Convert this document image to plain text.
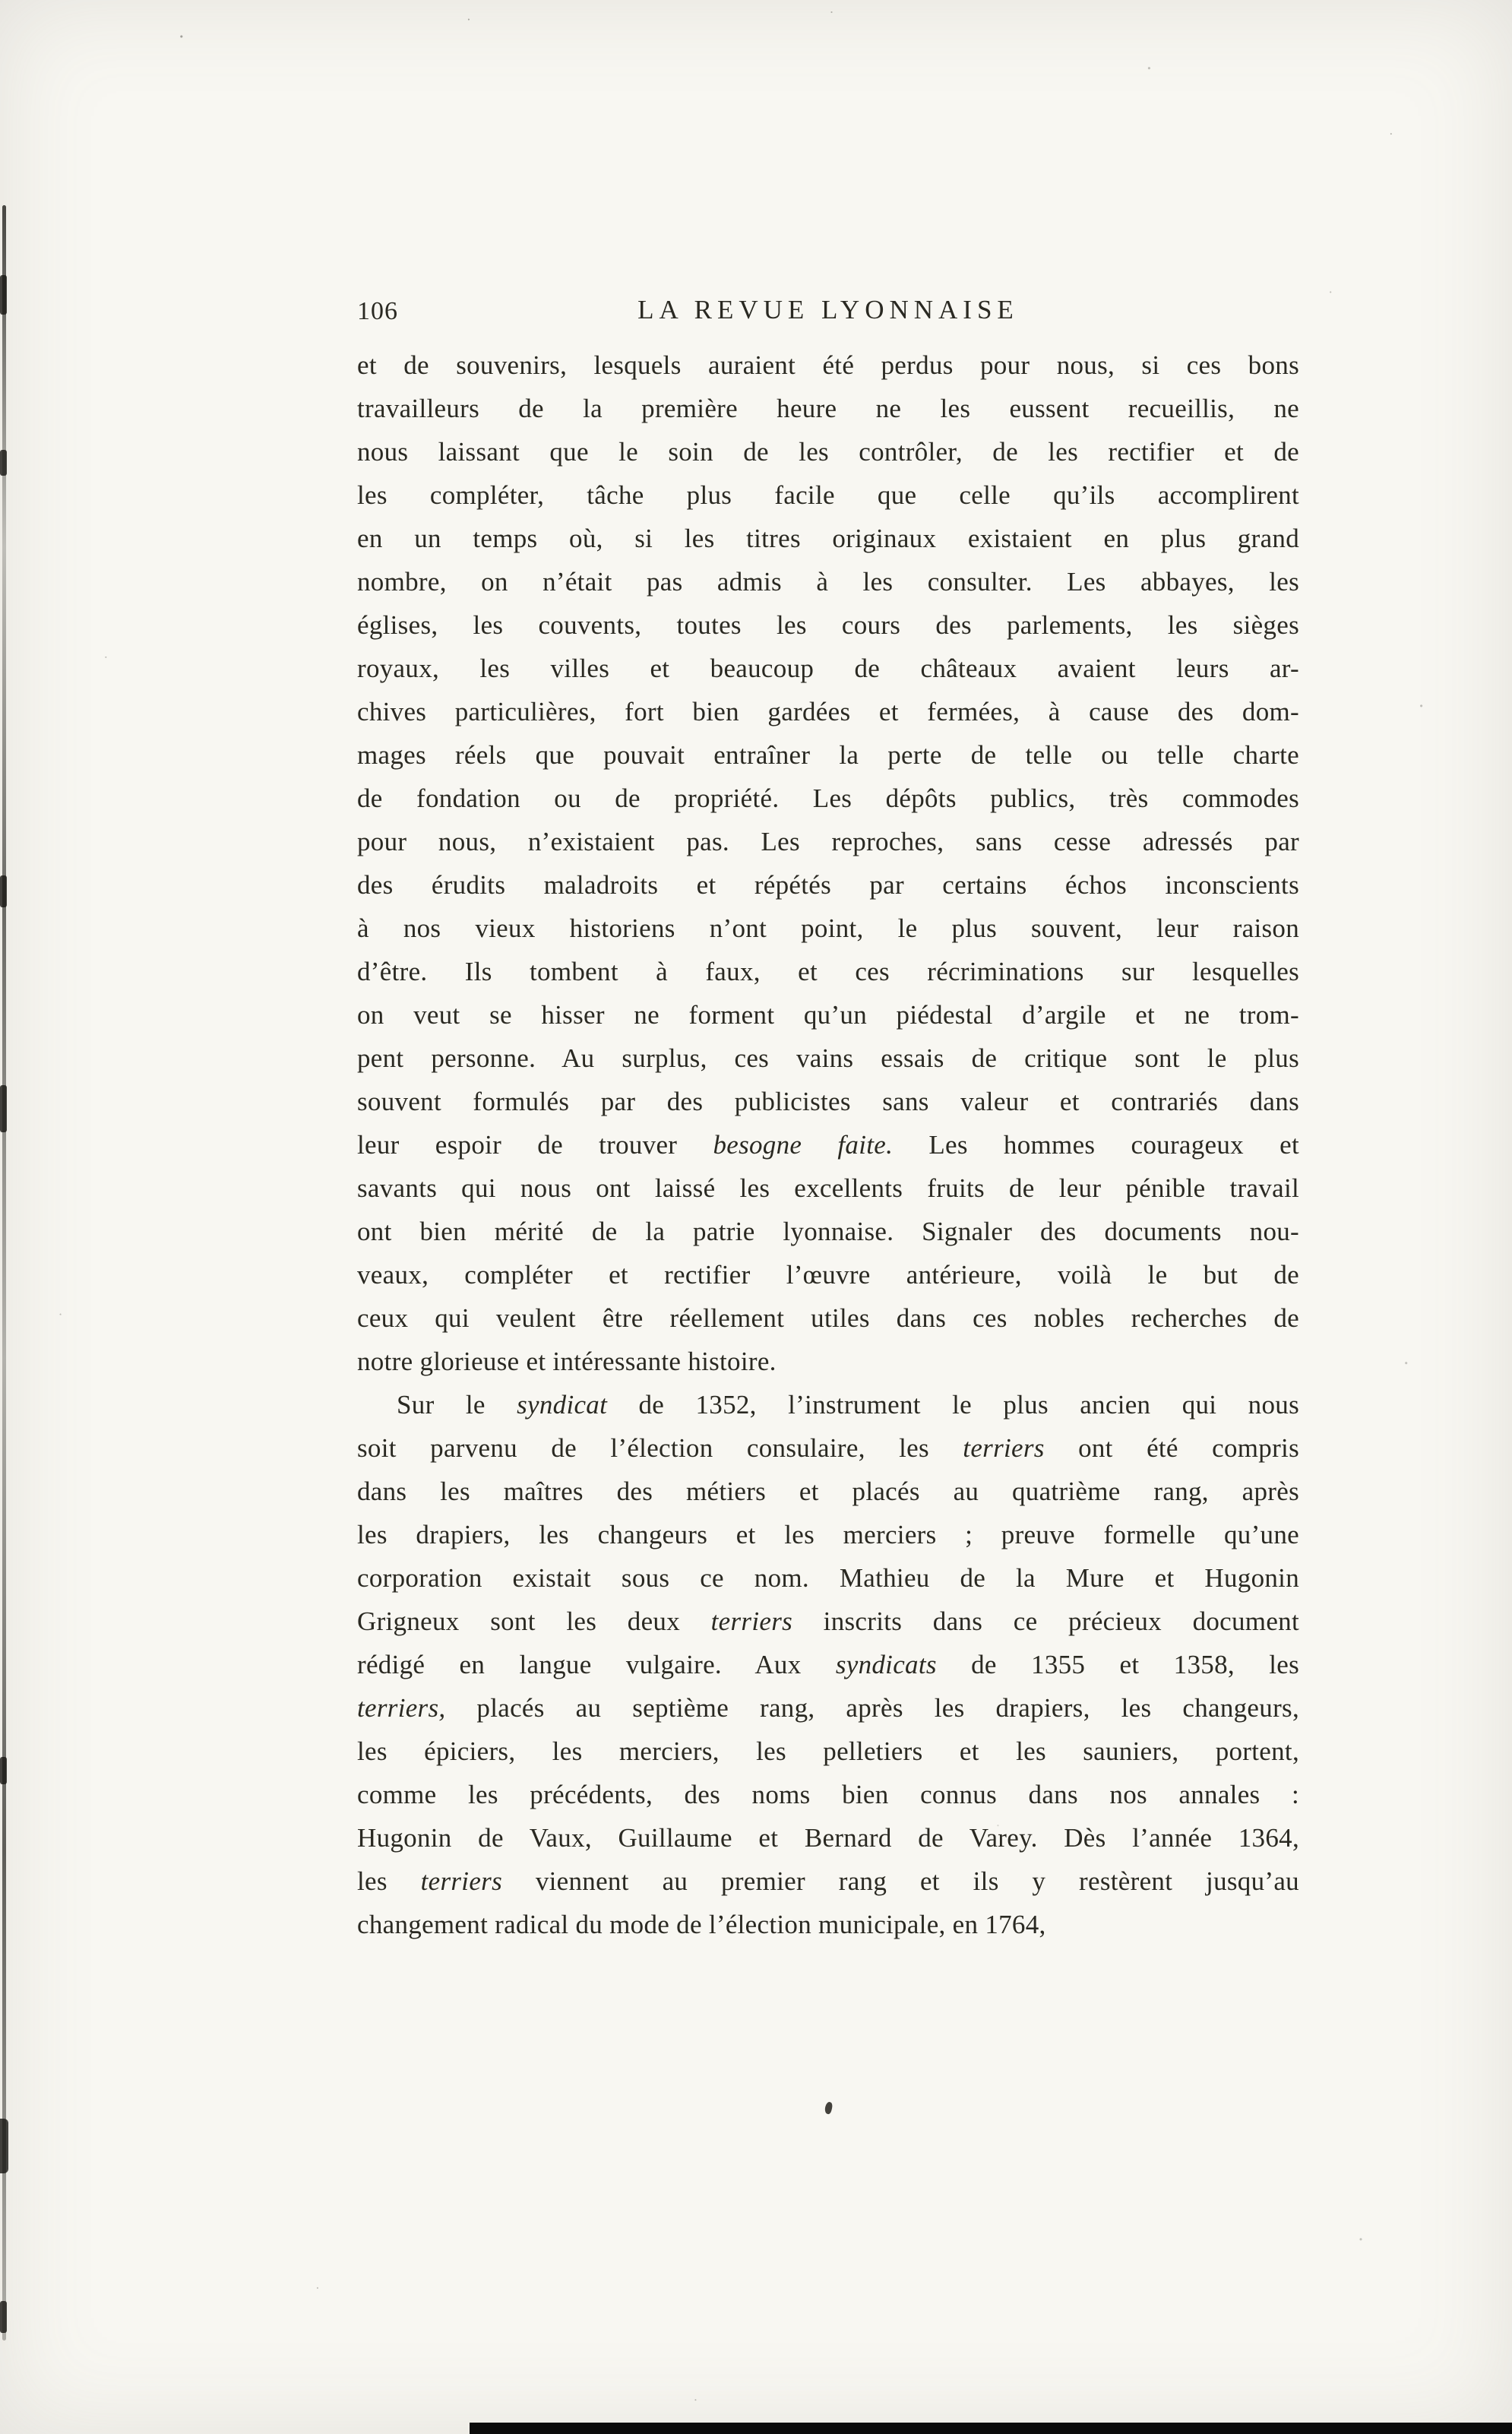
106	LA REVUE LYONNAISE
et de souvenirs, lesquels auraient été perdus pour nous, si ces bons
travailleurs de la première heure ne les eussent recueillis, ne
nous laissant que le soin de les contrôler, de les rectifier et de
les compléter, tâche plus facile que celle qu’ils accomplirent
en un temps où, si les titres originaux existaient en plus grand
nombre, on n’était pas admis à les consulter. Les abbayes, les
églises, les couvents, toutes les cours des parlements, les sièges
royaux, les villes et beaucoup de châteaux avaient leurs ar-
chives particulières, fort bien gardées et fermées, à cause des dom-
mages réels que pouvait entraîner la perte de telle ou telle charte
de fondation ou de propriété. Les dépôts publics, très commodes
pour nous, n’existaient pas. Les reproches, sans cesse adressés par
des érudits maladroits et répétés par certains échos inconscients
à nos vieux historiens n’ont point, le plus souvent, leur raison
d’être. Ils tombent à faux, et ces récriminations sur lesquelles
on veut se hisser ne forment qu’un piédestal d’argile et ne trom-
pent personne. Au surplus, ces vains essais de critique sont le plus
souvent formulés par des publicistes sans valeur et contrariés dans
leur espoir de trouver besogne faite. Les hommes courageux et
savants qui nous ont laissé les excellents fruits de leur pénible travail
ont bien mérité de la patrie lyonnaise. Signaler des documents nou-
veaux, compléter et rectifier l’œuvre antérieure, voilà le but de
ceux qui veulent être réellement utiles dans ces nobles recherches de
notre glorieuse et intéressante histoire.
Sur le syndicat de 1352, l’instrument le plus ancien qui nous
soit parvenu de l’élection consulaire, les terriers ont été compris
dans les maîtres des métiers et placés au quatrième rang, après
les drapiers, les changeurs et les merciers ; preuve formelle qu’une
corporation existait sous ce nom. Mathieu de la Mure et Hugonin
Grigneux sont les deux terriers inscrits dans ce précieux document
rédigé en langue vulgaire. Aux syndicats de 1355 et 1358, les
terriers, placés au septième rang, après les drapiers, les changeurs,
les épiciers, les merciers, les pelletiers et les sauniers, portent,
comme les précédents, des noms bien connus dans nos annales :
Hugonin de Vaux, Guillaume et Bernard de Varey. Dès l’année 1364,
les terriers viennent au premier rang et ils y restèrent jusqu’au
changement radical du mode de l’élection municipale, en 1764,
